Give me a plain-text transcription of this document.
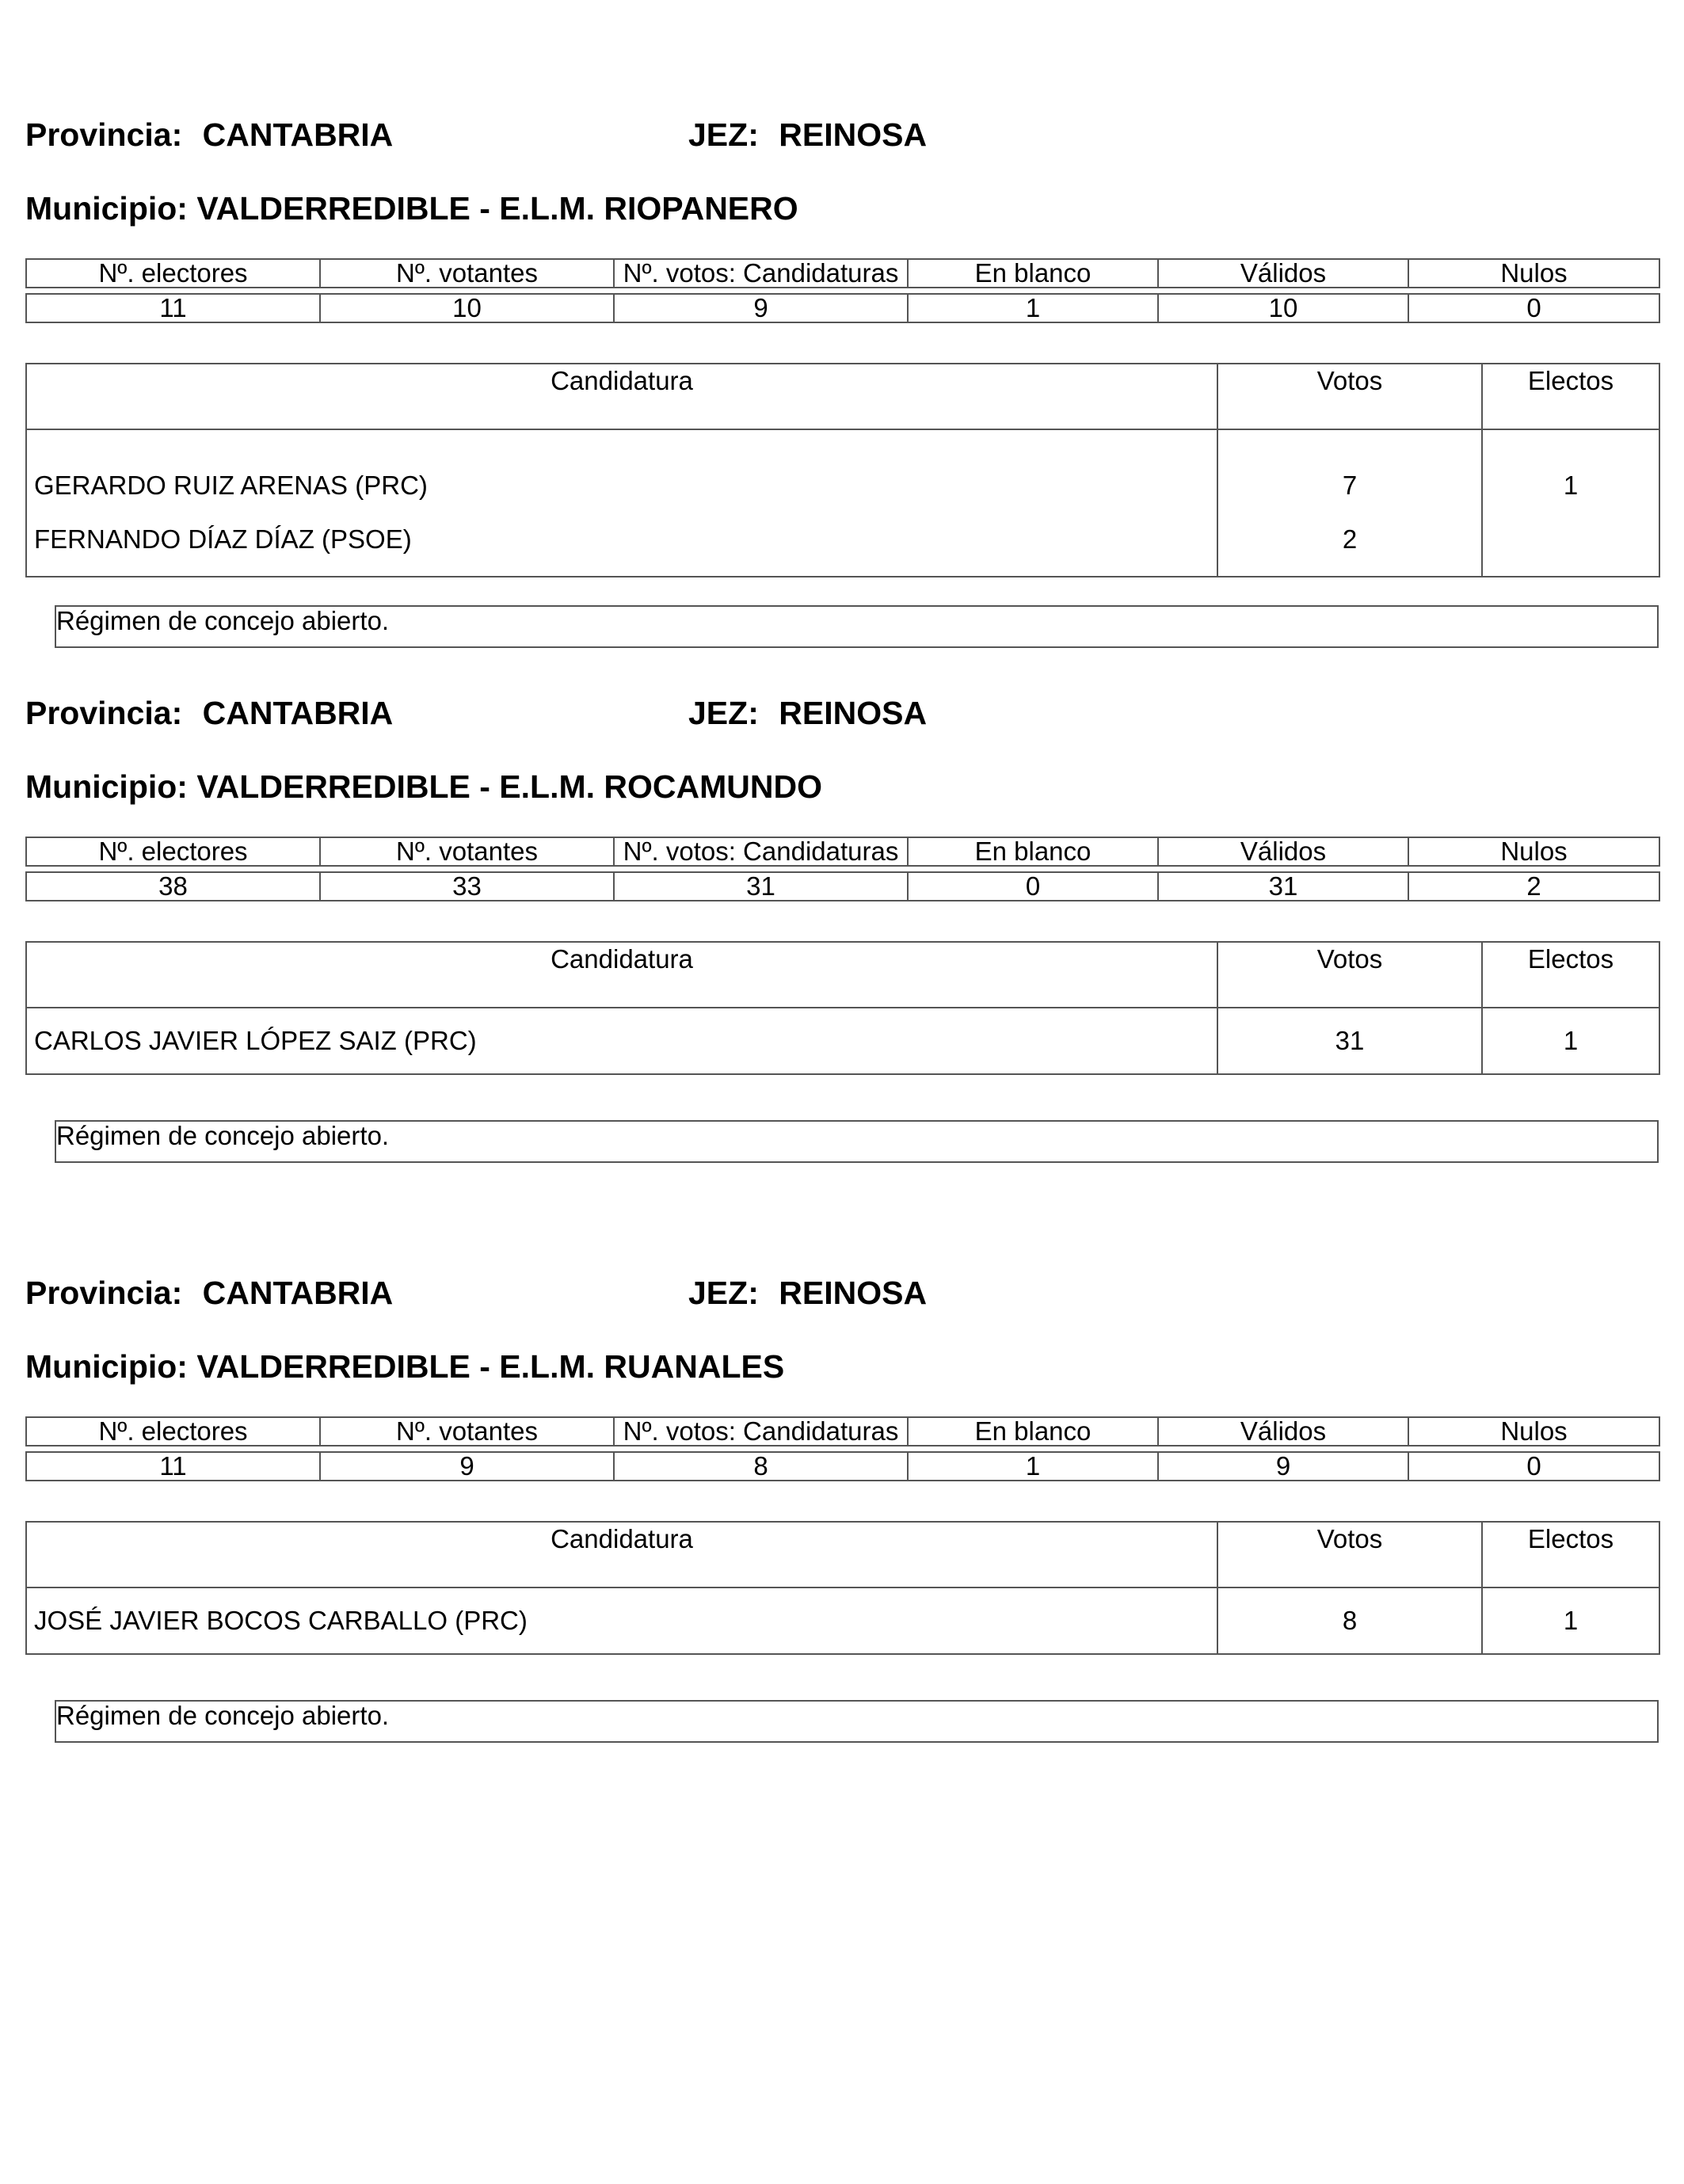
Provincia: CANTABRIA	JEZ: REINOSA
Municipio: VALDERREDIBLE - E.L.M. RIOPANERO
Nº. electores	Nº. votantes	Nº. votos: Candidaturas	En blanco	Válidos	Nulos

11	10	9	1	10	0
Candidatura	Votos	Electos
GERARDO RUIZ ARENAS (PRC)	7	1
FERNANDO DÍAZ DÍAZ (PSOE)	2	
Régimen de concejo abierto.
Provincia: CANTABRIA	JEZ: REINOSA
Municipio: VALDERREDIBLE - E.L.M. ROCAMUNDO
Nº. electores	Nº. votantes	Nº. votos: Candidaturas	En blanco	Válidos	Nulos

38	33	31	0	31	2
Candidatura	Votos	Electos
CARLOS JAVIER LÓPEZ SAIZ (PRC)	31	1
Régimen de concejo abierto.
Provincia: CANTABRIA	JEZ: REINOSA
Municipio: VALDERREDIBLE - E.L.M. RUANALES
Nº. electores	Nº. votantes	Nº. votos: Candidaturas	En blanco	Válidos	Nulos

11	9	8	1	9	0
Candidatura	Votos	Electos
JOSÉ JAVIER BOCOS CARBALLO (PRC)	8	1
Régimen de concejo abierto.
